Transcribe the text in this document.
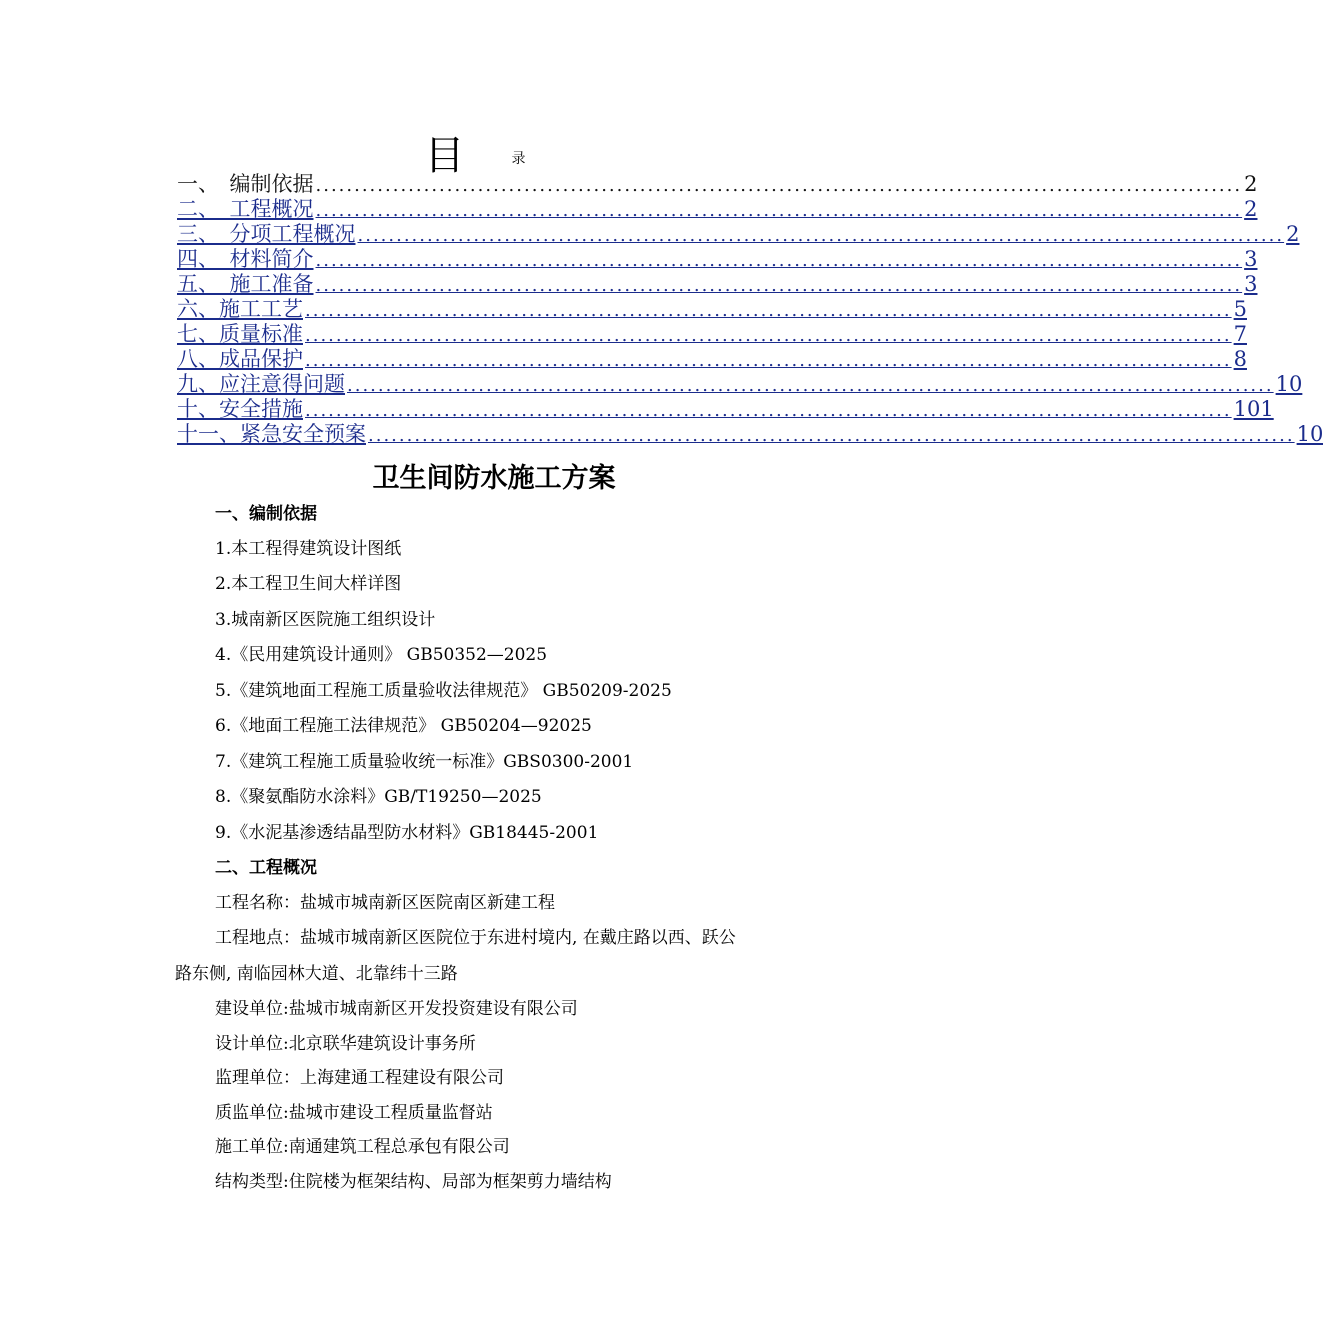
目	录
一、　编制依据 ........................................................................................................................ 2
二、　工程概况 ........................................................................................................................ 2
三、　分项工程概况 ........................................................................................................................ 2
四、　材料简介 ........................................................................................................................ 3
五、　施工准备 ........................................................................................................................ 3
六、施工工艺 ........................................................................................................................ 5
七、质量标准 ........................................................................................................................ 7
八、成品保护 ........................................................................................................................ 8
九、应注意得问题 ........................................................................................................................ 10
十、安全措施 ........................................................................................................................ 101
十一、紧急安全预案 ........................................................................................................................ 10
卫生间防水施工方案
一、编制依据
1.本工程得建筑设计图纸
2.本工程卫生间大样详图
3.城南新区医院施工组织设计
4.《民用建筑设计通则》 GB50352—2025
5.《建筑地面工程施工质量验收法律规范》 GB50209-2025
6.《地面工程施工法律规范》 GB50204—92025
7.《建筑工程施工质量验收统一标准》GBS0300-2001
8.《聚氨酯防水涂料》GB/T19250—2025
9.《水泥基渗透结晶型防水材料》GB18445-2001
二、工程概况
工程名称：盐城市城南新区医院南区新建工程
工程地点：盐城市城南新区医院位于东进村境内, 在戴庄路以西、跃公
路东侧, 南临园林大道、北靠纬十三路
建设单位:盐城市城南新区开发投资建设有限公司
设计单位:北京联华建筑设计事务所
监理单位：上海建通工程建设有限公司
质监单位:盐城市建设工程质量监督站
施工单位:南通建筑工程总承包有限公司
结构类型:住院楼为框架结构、局部为框架剪力墙结构
